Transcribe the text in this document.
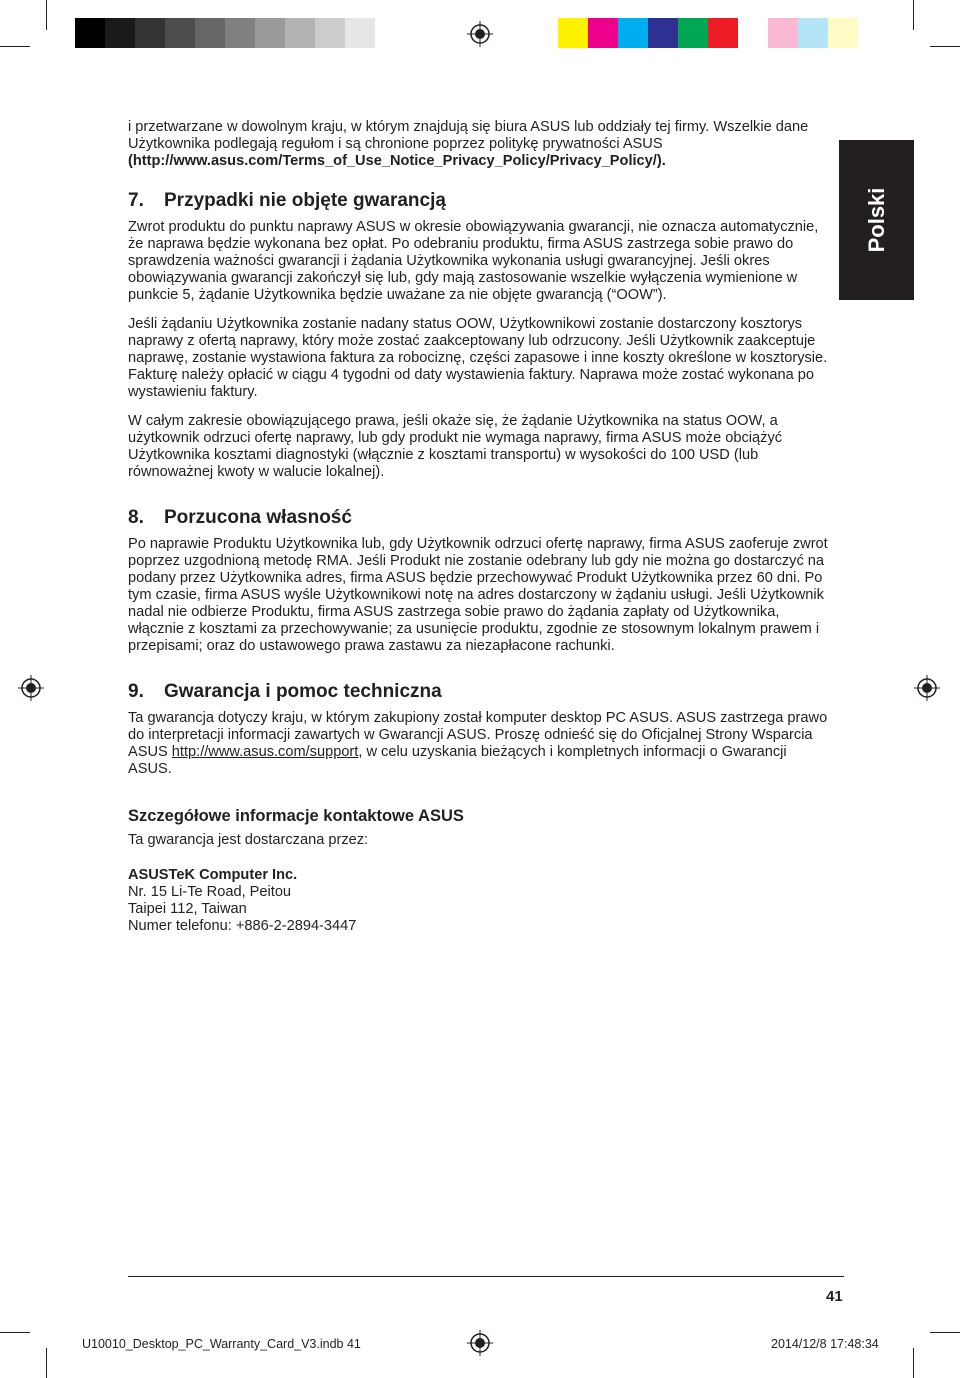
Polski

i przetwarzane w dowolnym kraju, w którym znajdują się biura ASUS lub oddziały tej firmy. Wszelkie dane Użytkownika podlegają regułom i są chronione poprzez politykę prywatności ASUS (http://www.asus.com/Terms_of_Use_Notice_Privacy_Policy/Privacy_Policy/).

7. Przypadki nie objęte gwarancją

Zwrot produktu do punktu naprawy ASUS w okresie obowiązywania gwarancji, nie oznacza automatycznie, że naprawa będzie wykonana bez opłat. Po odebraniu produktu, firma ASUS zastrzega sobie prawo do sprawdzenia ważności gwarancji i żądania Użytkownika wykonania usługi gwarancyjnej. Jeśli okres obowiązywania gwarancji zakończył się lub, gdy mają zastosowanie wszelkie wyłączenia wymienione w punkcie 5, żądanie Użytkownika będzie uważane za nie objęte gwarancją (“OOW”).

Jeśli żądaniu Użytkownika zostanie nadany status OOW, Użytkownikowi zostanie dostarczony kosztorys naprawy z ofertą naprawy, który może zostać zaakceptowany lub odrzucony. Jeśli Użytkownik zaakceptuje naprawę, zostanie wystawiona faktura za robociznę, części zapasowe i inne koszty określone w kosztorysie. Fakturę należy opłacić w ciągu 4 tygodni od daty wystawienia faktury. Naprawa może zostać wykonana po wystawieniu faktury.

W całym zakresie obowiązującego prawa, jeśli okaże się, że żądanie Użytkownika na status OOW, a użytkownik odrzuci ofertę naprawy, lub gdy produkt nie wymaga naprawy, firma ASUS może obciążyć Użytkownika kosztami diagnostyki (włącznie z kosztami transportu) w wysokości do 100 USD (lub równoważnej kwoty w walucie lokalnej).

8. Porzucona własność

Po naprawie Produktu Użytkownika lub, gdy Użytkownik odrzuci ofertę naprawy, firma ASUS zaoferuje zwrot poprzez uzgodnioną metodę RMA. Jeśli Produkt nie zostanie odebrany lub gdy nie można go dostarczyć na podany przez Użytkownika adres, firma ASUS będzie przechowywać Produkt Użytkownika przez 60 dni. Po tym czasie, firma ASUS wyśle Użytkownikowi notę na adres dostarczony w żądaniu usługi. Jeśli Użytkownik nadal nie odbierze Produktu, firma ASUS zastrzega sobie prawo do żądania zapłaty od Użytkownika, włącznie z kosztami za przechowywanie; za usunięcie produktu, zgodnie ze stosownym lokalnym prawem i przepisami; oraz do ustawowego prawa zastawu za niezapłacone rachunki.

9. Gwarancja i pomoc techniczna

Ta gwarancja dotyczy kraju, w którym zakupiony został komputer desktop PC ASUS. ASUS zastrzega prawo do interpretacji informacji zawartych w Gwarancji ASUS. Proszę odnieść się do Oficjalnej Strony Wsparcia ASUS http://www.asus.com/support, w celu uzyskania bieżących i kompletnych informacji o Gwarancji ASUS.

Szczegółowe informacje kontaktowe ASUS

Ta gwarancja jest dostarczana przez:

ASUSTeK Computer Inc.

Nr. 15 Li-Te Road, Peitou

Taipei 112, Taiwan

Numer telefonu: +886-2-2894-3447

41
U10010_Desktop_PC_Warranty_Card_V3.indb 41	2014/12/8 17:48:34
